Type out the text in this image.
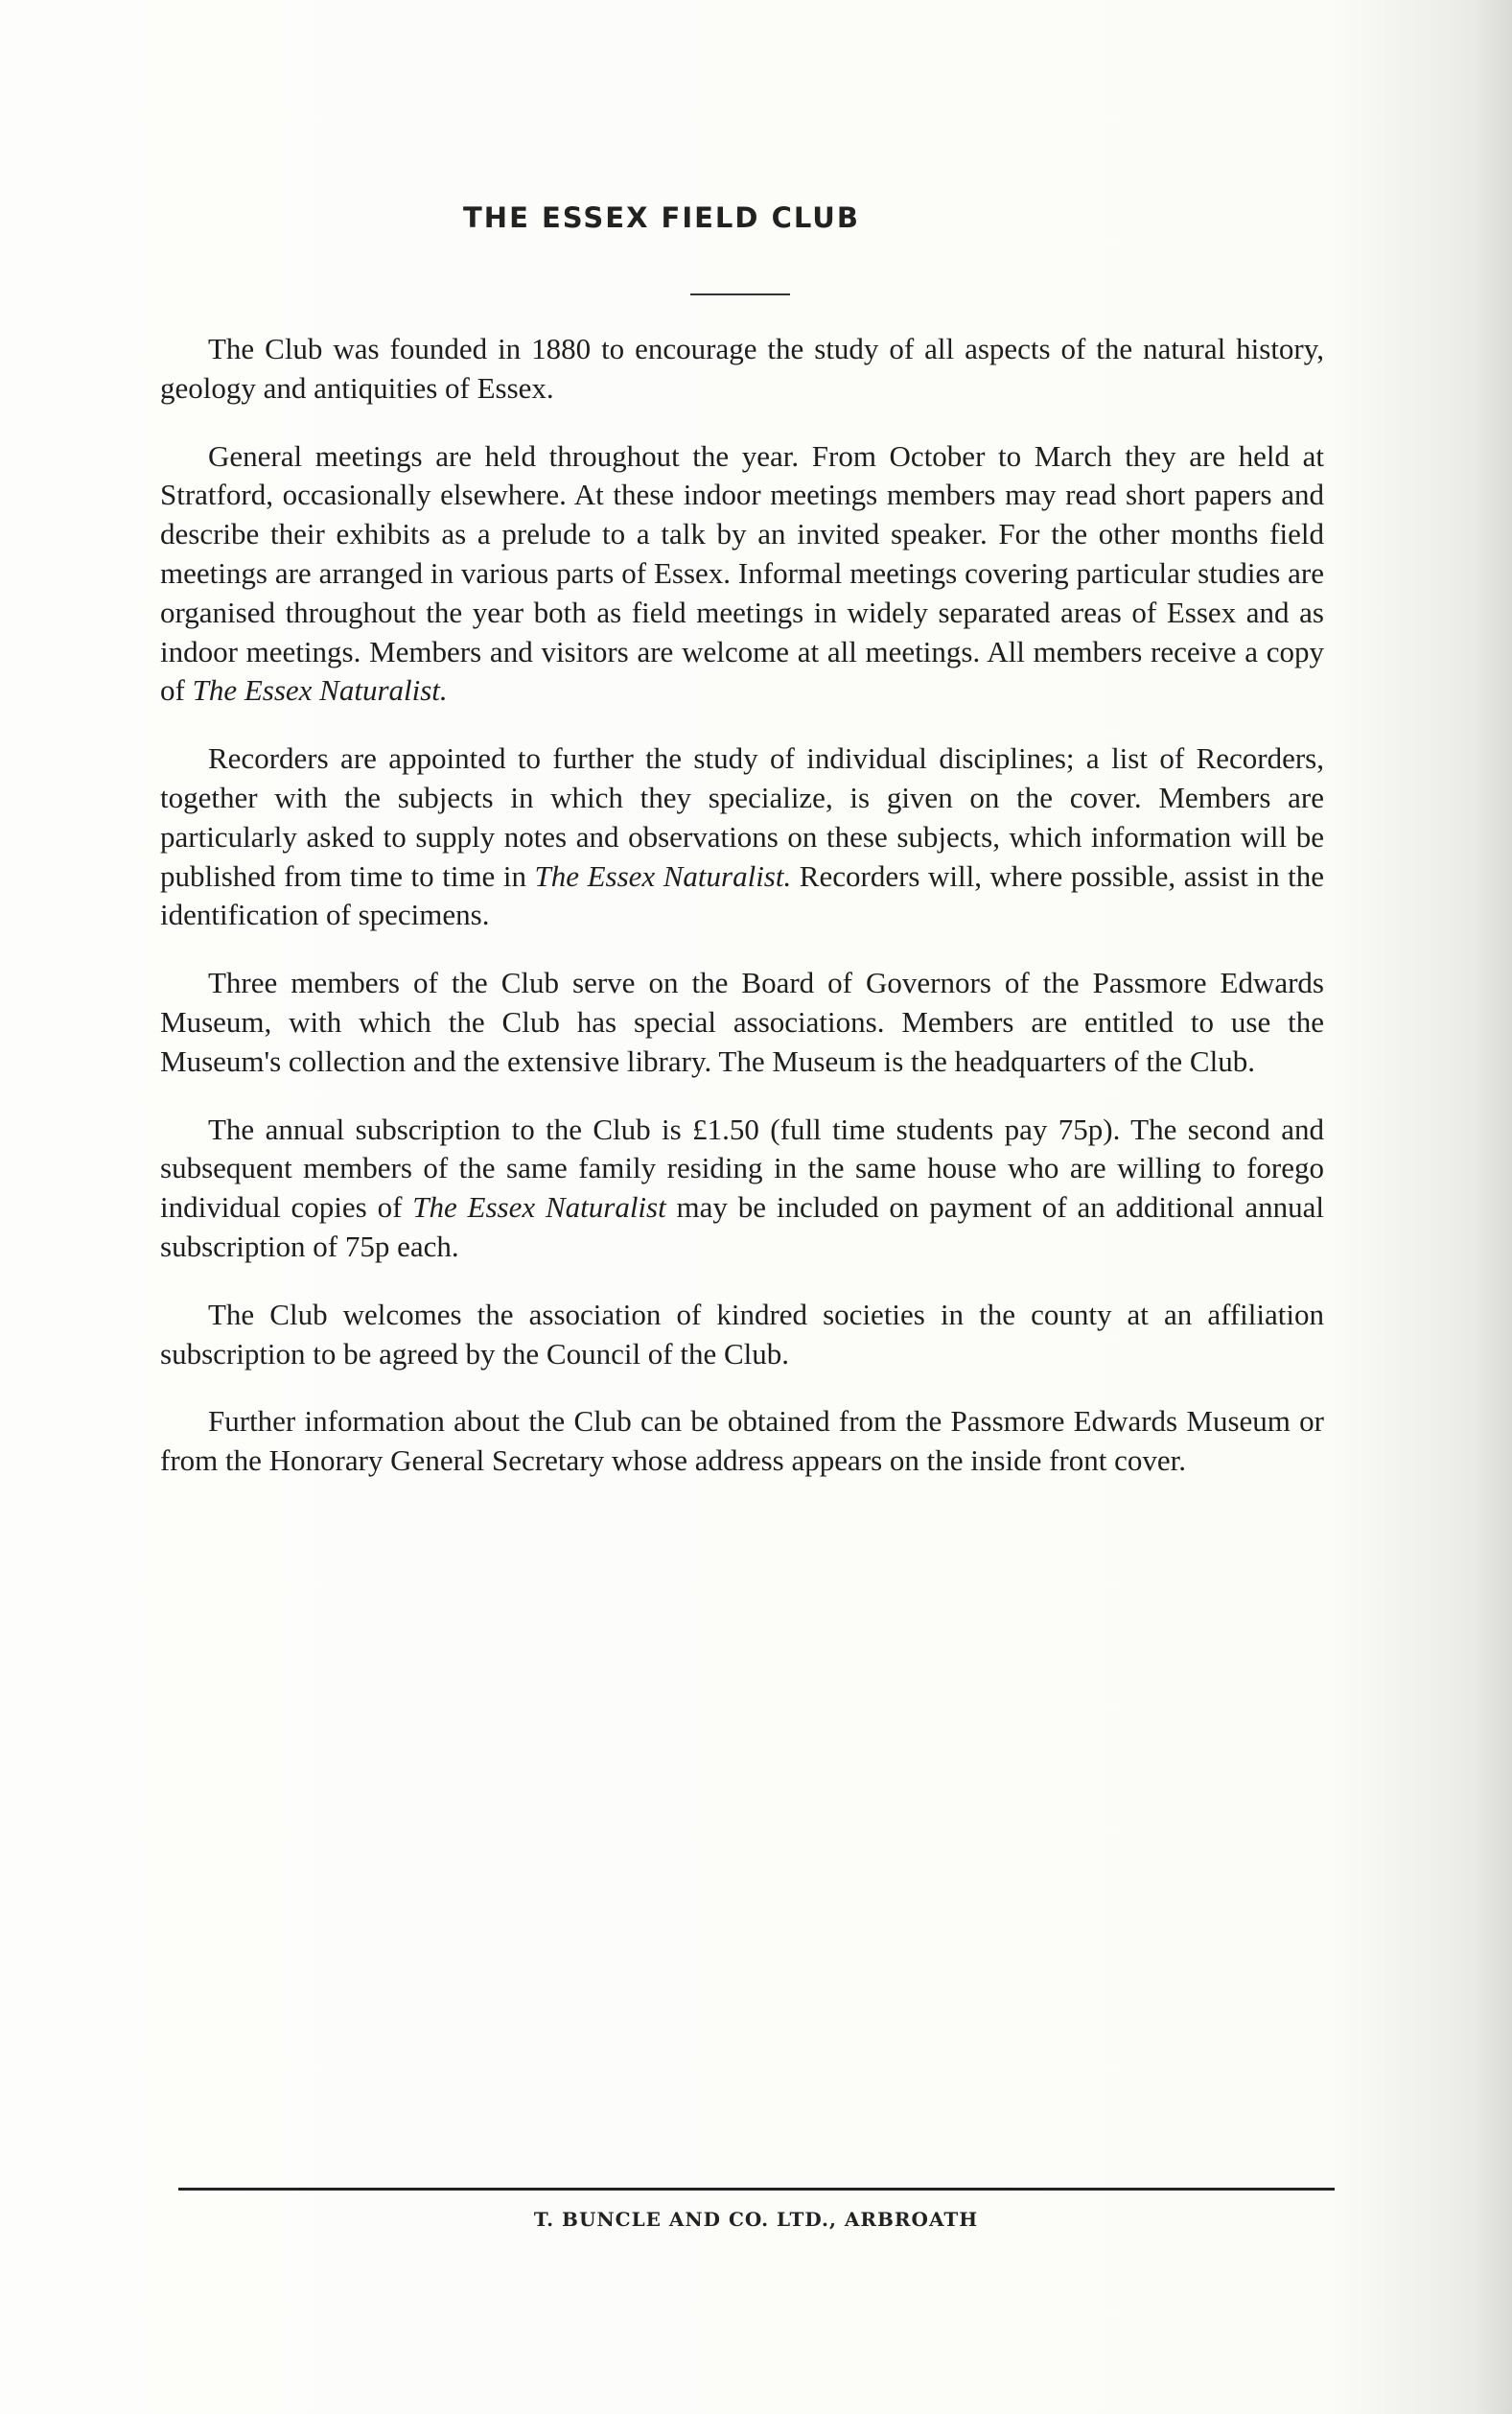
THE ESSEX FIELD CLUB

The Club was founded in 1880 to encourage the study of all aspects of the natural history, geology and antiquities of Essex.

General meetings are held throughout the year. From October to March they are held at Stratford, occasionally elsewhere. At these indoor meetings members may read short papers and describe their exhibits as a prelude to a talk by an invited speaker. For the other months field meetings are arranged in various parts of Essex. Informal meetings covering particular studies are organised throughout the year both as field meetings in widely separated areas of Essex and as indoor meetings. Members and visitors are welcome at all meetings. All members receive a copy of The Essex Naturalist.

Recorders are appointed to further the study of individual disciplines; a list of Recorders, together with the subjects in which they specialize, is given on the cover. Members are particularly asked to supply notes and observations on these subjects, which information will be published from time to time in The Essex Naturalist. Recorders will, where possible, assist in the identification of specimens.

Three members of the Club serve on the Board of Governors of the Passmore Edwards Museum, with which the Club has special associations. Members are entitled to use the Museum's collection and the extensive library. The Museum is the headquarters of the Club.

The annual subscription to the Club is £1.50 (full time students pay 75p). The second and subsequent members of the same family residing in the same house who are willing to forego individual copies of The Essex Naturalist may be included on payment of an additional annual subscription of 75p each.

The Club welcomes the association of kindred societies in the county at an affiliation subscription to be agreed by the Council of the Club.

Further information about the Club can be obtained from the Passmore Edwards Museum or from the Honorary General Secretary whose address appears on the inside front cover.

T. BUNCLE AND CO. LTD., ARBROATH
